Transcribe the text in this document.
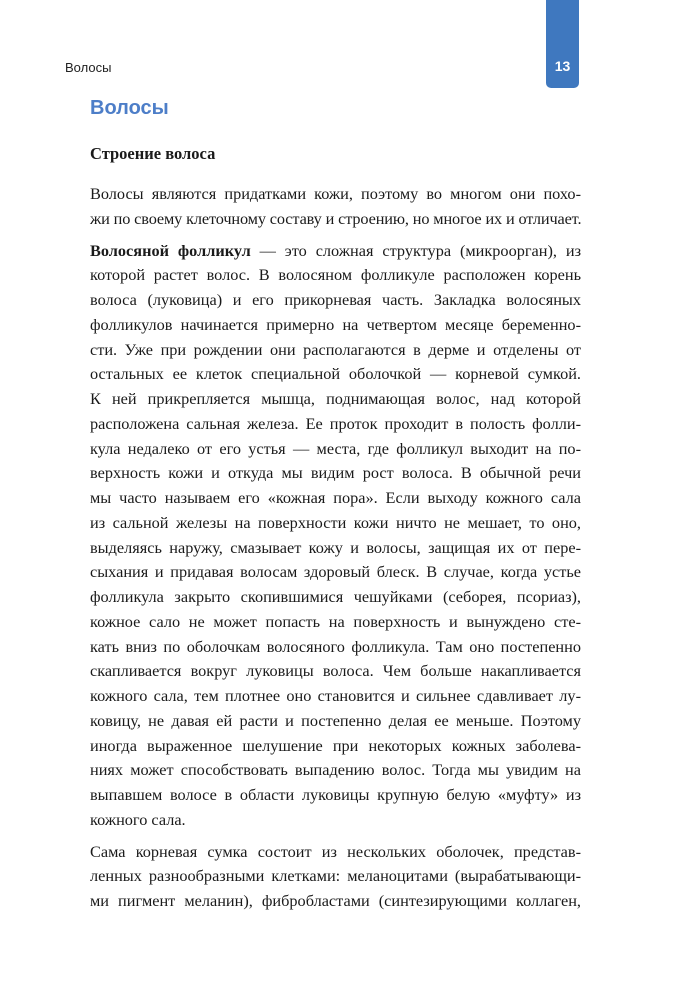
Волосы	13
Волосы
Строение волоса
Волосы являются придатками кожи, поэтому во многом они похо-
жи по своему клеточному составу и строению, но многое их и отличает.
Волосяной фолликул — это сложная структура (микроорган), из
которой растет волос. В волосяном фолликуле расположен корень
волоса (луковица) и его прикорневая часть. Закладка волосяных
фолликулов начинается примерно на четвертом месяце беременно-
сти. Уже при рождении они располагаются в дерме и отделены от
остальных ее клеток специальной оболочкой — корневой сумкой.
К ней прикрепляется мышца, поднимающая волос, над которой
расположена сальная железа. Ее проток проходит в полость фолли-
кула недалеко от его устья — места, где фолликул выходит на по-
верхность кожи и откуда мы видим рост волоса. В обычной речи
мы часто называем его «кожная пора». Если выходу кожного сала
из сальной железы на поверхности кожи ничто не мешает, то оно,
выделяясь наружу, смазывает кожу и волосы, защищая их от пере-
сыхания и придавая волосам здоровый блеск. В случае, когда устье
фолликула закрыто скопившимися чешуйками (себорея, псориаз),
кожное сало не может попасть на поверхность и вынуждено сте-
кать вниз по оболочкам волосяного фолликула. Там оно постепенно
скапливается вокруг луковицы волоса. Чем больше накапливается
кожного сала, тем плотнее оно становится и сильнее сдавливает лу-
ковицу, не давая ей расти и постепенно делая ее меньше. Поэтому
иногда выраженное шелушение при некоторых кожных заболева-
ниях может способствовать выпадению волос. Тогда мы увидим на
выпавшем волосе в области луковицы крупную белую «муфту» из
кожного сала.
Сама корневая сумка состоит из нескольких оболочек, представ-
ленных разнообразными клетками: меланоцитами (вырабатывающи-
ми пигмент меланин), фибробластами (синтезирующими коллаген,
